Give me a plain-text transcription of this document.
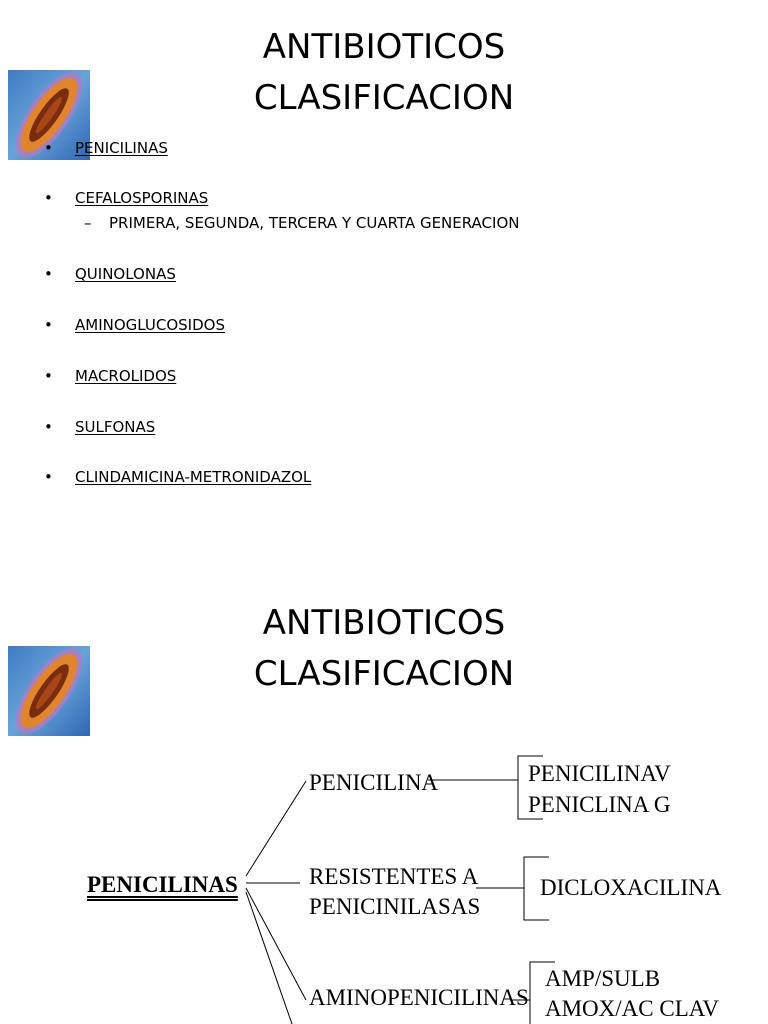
ANTIBIOTICOS
CLASIFICACION
• PENICILINAS
• CEFALOSPORINAS
– PRIMERA, SEGUNDA, TERCERA Y CUARTA GENERACION
• QUINOLONAS
• AMINOGLUCOSIDOS
• MACROLIDOS
• SULFONAS
• CLINDAMICINA-METRONIDAZOL
ANTIBIOTICOS
CLASIFICACION
PENICILINAS
PENICILINA
RESISTENTES A
PENICINILASAS
AMINOPENICILINAS
PENICILINAV
PENICLINA G
DICLOXACILINA
AMP/SULB
AMOX/AC CLAV
